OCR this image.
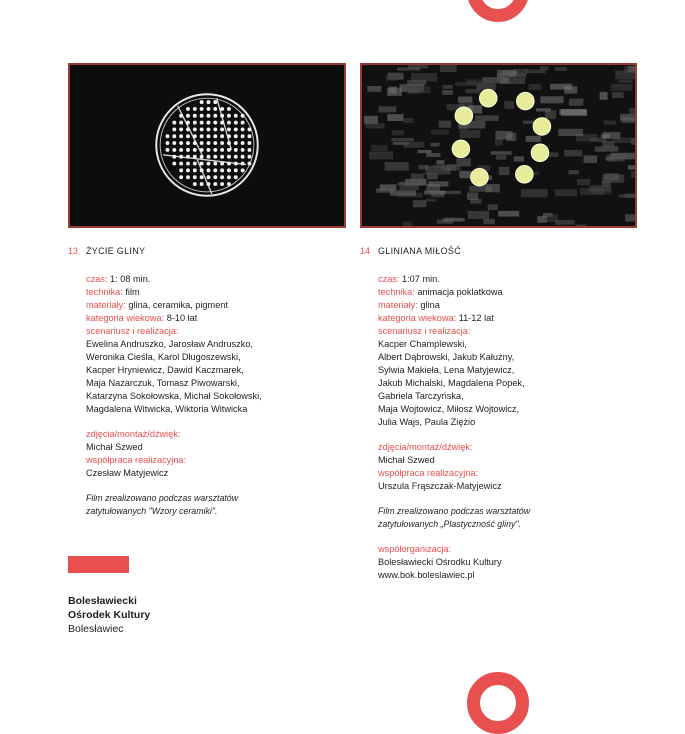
13 ŻYCIE GLINY
czas: 1: 08 min.
technika: film
materiały: glina, ceramika, pigment
kategoria wiekowa: 8-10 lat
scenariusz i realizacja:
Ewelina Andruszko, Jarosław Andruszko,
Weronika Cieśla, Karol Długoszewski,
Kacper Hryniewicz, Dawid Kaczmarek,
Maja Nazarczuk, Tomasz Piwowarski,
Katarzyna Sokołowska, Michał Sokołowski,
Magdalena Witwicka, Wiktoria Witwicka
zdjęcia/montaż/dźwięk:
Michał Szwed
współpraca realizacyjna:
Czesław Matyjewicz
Film zrealizowano podczas warsztatów
zatytułowanych "Wzory ceramiki".
14 GLINIANA MIŁOŚĆ
czas: 1:07 min.
technika: animacja poklatkowa
materiały: glina
kategoria wiekowa: 11-12 lat
scenariusz i realizacja:
Kacper Champlewski,
Albert Dąbrowski, Jakub Kałużny,
Sylwia Makieła, Lena Matyjewicz,
Jakub Michalski, Magdalena Popek,
Gabriela Tarczyńska,
Maja Wojtowicz, Miłosz Wojtowicz,
Julia Wajs, Paula Ziężio
zdjęcia/montaż/dźwięk:
Michał Szwed
współpraca realizacyjna:
Urszula Frąszczak-Matyjewicz
Film zrealizowano podczas warsztatów
zatytułowanych „Plastyczność gliny".
współorganizacja:
Bolesławiecki Ośrodku Kultury
www.bok.boleslawiec.pl
Bolesławiecki
Ośrodek Kultury
Bolesławiec
